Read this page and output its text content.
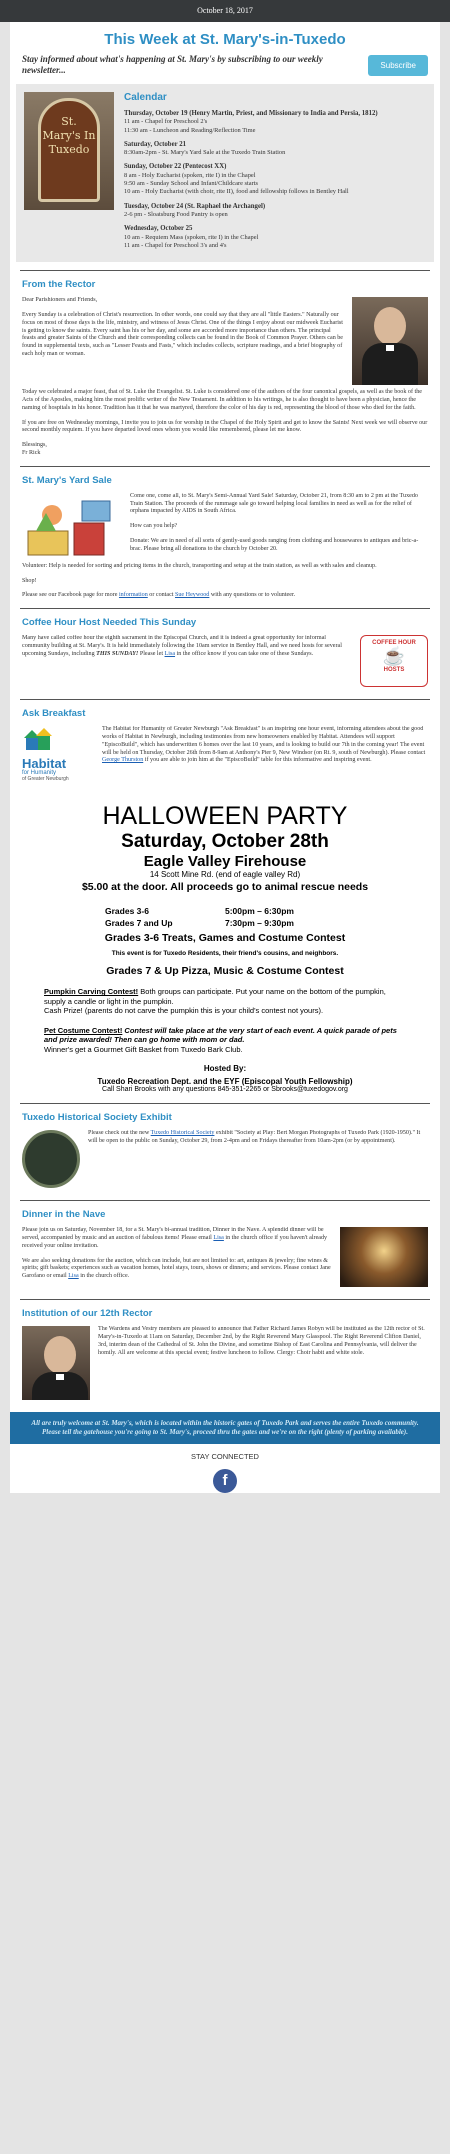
October 18, 2017
This Week at St. Mary's-in-Tuxedo
Stay informed about what's happening at St. Mary's by subscribing to our weekly newsletter...	Subscribe
St. Mary's In Tuxedo
Calendar
Thursday, October 19 (Henry Martin, Priest, and Missionary to India and Persia, 1812)
11 am - Chapel for Preschool 2's
11:30 am - Luncheon and Reading/Reflection Time
Saturday, October 21
8:30am-2pm - St. Mary's Yard Sale at the Tuxedo Train Station
Sunday, October 22 (Pentecost XX)
8 am - Holy Eucharist (spoken, rite I) in the Chapel
9:50 am - Sunday School and Infant/Childcare starts
10 am - Holy Eucharist (with choir, rite II), food and fellowship follows in Bentley Hall
Tuesday, October 24 (St. Raphael the Archangel)
2-6 pm - Sloatsburg Food Pantry is open
Wednesday, October 25
10 am - Requiem Mass (spoken, rite I) in the Chapel
11 am - Chapel for Preschool 3's and 4's
From the Rector

Dear Parishioners and Friends,

Every Sunday is a celebration of Christ's resurrection. In other words, one could say that they are all "little Easters." Naturally our focus on most of those days is the life, ministry, and witness of Jesus Christ. One of the things I enjoy about our midweek Eucharist is getting to know the saints. Every saint has his or her day, and some are accorded more importance than others. The principal feasts and greater Saints of the Church and their corresponding collects can be found in the Book of Common Prayer. Others can be found in supplemental texts, such as "Lesser Feasts and Fasts," which includes collects, scripture readings, and a brief biography of each holy man or woman.

Today we celebrated a major feast, that of St. Luke the Evangelist. St. Luke is considered one of the authors of the four canonical gospels, as well as the book of the Acts of the Apostles, making him the most prolific writer of the New Testament. In addition to his writings, he is also thought to have been a physician, hence the naming of hospitals in his honor. Tradition has it that he was martyred, therefore the color of his day is red, representing the blood of those who died for the faith.

If you are free on Wednesday mornings, I invite you to join us for worship in the Chapel of the Holy Spirit and get to know the Saints! Next week we will observe our second monthly requiem. If you have departed loved ones whom you would like remembered, please let me know.

Blessings,
Fr Rick

St. Mary's Yard Sale

Come one, come all, to St. Mary's Semi-Annual Yard Sale! Saturday, October 21, from 8:30 am to 2 pm at the Tuxedo Train Station. The proceeds of the rummage sale go toward helping local families in need as well as for the relief of orphans impacted by AIDS in South Africa.

How can you help?

Donate: We are in need of all sorts of gently-used goods ranging from clothing and housewares to antiques and bric-a-brac. Please bring all donations to the church by October 20.

Volunteer: Help is needed for sorting and pricing items in the church, transporting and setup at the train station, as well as with sales and cleanup.

Shop!

Please see our Facebook page for more information or contact Sue Heywood with any questions or to volunteer.

Coffee Hour Host Needed This Sunday
COFFEE HOUR
☕
HOSTS

Many have called coffee hour the eighth sacrament in the Episcopal Church, and it is indeed a great opportunity for informal community building at St. Mary's. It is held immediately following the 10am service in Bentley Hall, and we need hosts for several upcoming Sundays, including THIS SUNDAY! Please let Lisa in the office know if you can take one of these Sundays.

Ask Breakfast
Habitat
for Humanity
of Greater Newburgh

The Habitat for Humanity of Greater Newburgh "Ask Breakfast" is an inspiring one hour event, informing attendees about the good works of Habitat in Newburgh, including testimonies from new homeowners enabled by Habitat. Attendees will support "EpiscoBuild", which has underwritten 6 homes over the last 10 years, and is looking to build our 7th in the coming year! The event will be held on Thursday, October 26th from 8-9am at Anthony's Pier 9, New Windsor (on Rt. 9, south of Newburgh). Please contact George Thurston if you are able to join him at the "EpiscoBuild" table for this informative and inspiring event.

HALLOWEEN PARTY
Saturday, October 28th
Eagle Valley Firehouse
14 Scott Mine Rd. (end of eagle valley Rd)
$5.00 at the door. All proceeds go to animal rescue needs
Grades 3-6	5:00pm – 6:30pm
Grades 7 and Up	7:30pm – 9:30pm
Grades 3-6 Treats, Games and Costume Contest
This event is for Tuxedo Residents, their friend's cousins, and neighbors.
Grades 7 & Up Pizza, Music & Costume Contest
Pumpkin Carving Contest! Both groups can participate. Put your name on the bottom of the pumpkin, supply a candle or light in the pumpkin.
Cash Prize! (parents do not carve the pumpkin this is your child's contest not yours).
Pet Costume Contest! Contest will take place at the very start of each event. A quick parade of pets and prize awarded! Then can go home with mom or dad.
Winner's get a Gourmet Gift Basket from Tuxedo Bark Club.
Hosted By:
Tuxedo Recreation Dept. and the EYF (Episcopal Youth Fellowship)
Call Shari Brooks with any questions 845-351-2265 or Sbrooks@tuxedogov.org
Tuxedo Historical Society Exhibit

Please check out the new Tuxedo Historical Society exhibit "Society at Play: Bert Morgan Photographs of Tuxedo Park (1920-1950)." It will be open to the public on Sunday, October 29, from 2-4pm and on Fridays thereafter from 10am-2pm (or by appointment).

Dinner in the Nave

Please join us on Saturday, November 18, for a St. Mary's bi-annual tradition, Dinner in the Nave. A splendid dinner will be served, accompanied by music and an auction of fabulous items! Please email Lisa in the church office if you haven't already received your online invitation.

We are also seeking donations for the auction, which can include, but are not limited to: art, antiques & jewelry; fine wines & spirits; gift baskets; experiences such as vacation homes, hotel stays, tours, shows or dinners; and services. Please contact Jane Garofano or email Lisa in the church office.

Institution of our 12th Rector

The Wardens and Vestry members are pleased to announce that Father Richard James Robyn will be instituted as the 12th rector of St. Mary's-in-Tuxedo at 11am on Saturday, December 2nd, by the Right Reverend Mary Glasspool. The Right Reverend Clifton Daniel, 3rd, interim dean of the Cathedral of St. John the Divine, and sometime Bishop of East Carolina and Pennsylvania, will deliver the homily. All are welcome at this special event; festive luncheon to follow. Clergy: Choir habit and white stole.

All are truly welcome at St. Mary's, which is located within the historic gates of Tuxedo Park and serves the entire Tuxedo community. Please tell the gatehouse you're going to St. Mary's, proceed thru the gates and we're on the right (plenty of parking available).
STAY CONNECTED
f
